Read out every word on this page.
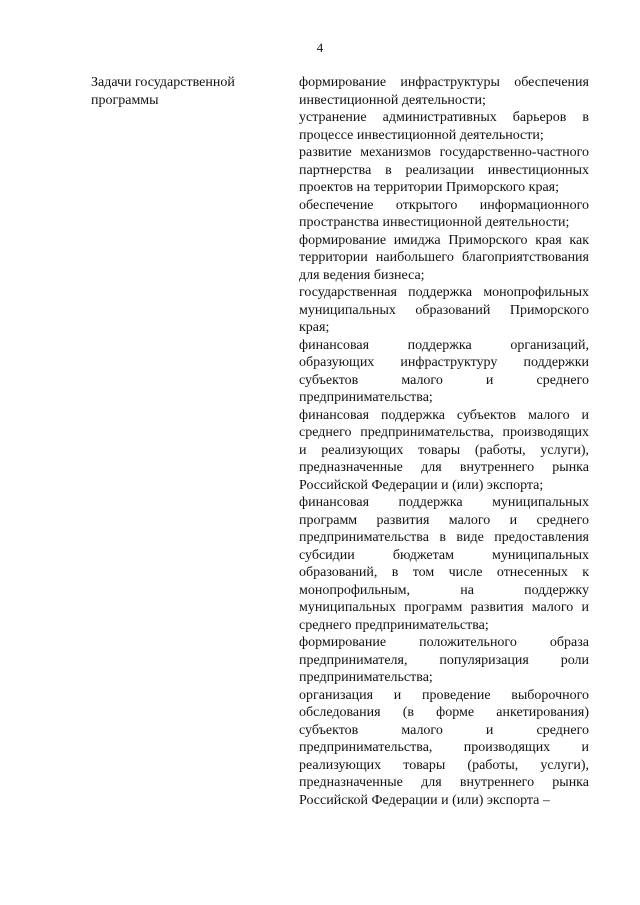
4

Задачи государственной программы

формирование инфраструктуры обеспечения инвестиционной деятельности;

устранение административных барьеров в процессе инвестиционной деятельности;

развитие механизмов государственно-частного партнерства в реализации инвестиционных проектов на территории Приморского края;

обеспечение открытого информационного пространства инвестиционной деятельности;

формирование имиджа Приморского края как территории наибольшего благоприятствования для ведения бизнеса;

государственная поддержка монопрофильных муниципальных образований Приморского края;

финансовая поддержка организаций, образующих инфраструктуру поддержки субъектов малого и среднего предпринимательства;

финансовая поддержка субъектов малого и среднего предпринимательства, производящих и реализующих товары (работы, услуги), предназначенные для внутреннего рынка Российской Федерации и (или) экспорта;

финансовая поддержка муниципальных программ развития малого и среднего предпринимательства в виде предоставления субсидии бюджетам муниципальных образований, в том числе отнесенных к монопрофильным, на поддержку муниципальных программ развития малого и среднего предпринимательства;

формирование положительного образа предпринимателя, популяризация роли предпринимательства;

организация и проведение выборочного обследования (в форме анкетирования) субъектов малого и среднего предпринимательства, производящих и реализующих товары (работы, услуги), предназначенные для внутреннего рынка Российской Федерации и (или) экспорта –
